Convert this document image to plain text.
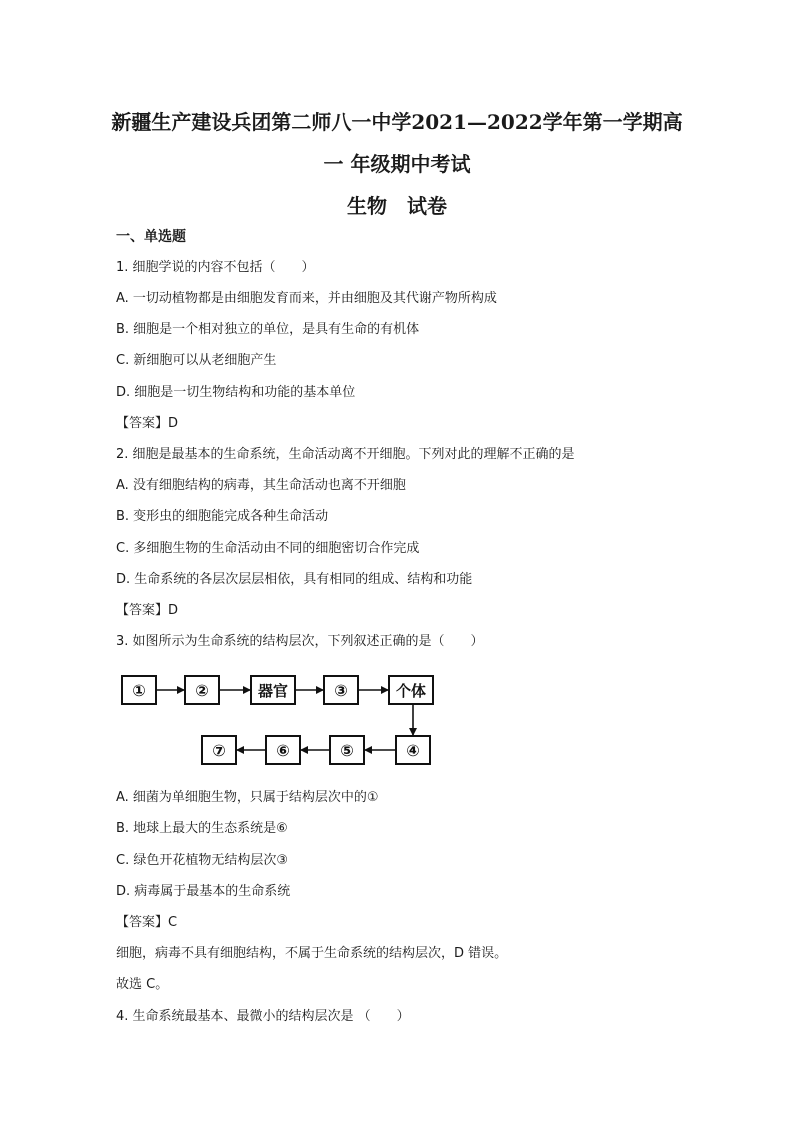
新疆生产建设兵团第二师八一中学2021—2022学年第一学期高
一 年级期中考试
生物　试卷
一、单选题
1. 细胞学说的内容不包括（　　）
A. 一切动植物都是由细胞发育而来，并由细胞及其代谢产物所构成
B. 细胞是一个相对独立的单位，是具有生命的有机体
C. 新细胞可以从老细胞产生
D. 细胞是一切生物结构和功能的基本单位
【答案】D
2. 细胞是最基本的生命系统，生命活动离不开细胞。下列对此的理解不正确的是
A. 没有细胞结构的病毒，其生命活动也离不开细胞
B. 变形虫的细胞能完成各种生命活动
C. 多细胞生物的生命活动由不同的细胞密切合作完成
D. 生命系统的各层次层层相依，具有相同的组成、结构和功能
【答案】D
3. 如图所示为生命系统的结构层次，下列叙述正确的是（　　）
①	②	器官	③	个体
⑦	⑥	⑤	④
A. 细菌为单细胞生物，只属于结构层次中的①
B. 地球上最大的生态系统是⑥
C. 绿色开花植物无结构层次③
D. 病毒属于最基本的生命系统
【答案】C
细胞，病毒不具有细胞结构，不属于生命系统的结构层次，D 错误。
故选 C。
4. 生命系统最基本、最微小的结构层次是 （　　）
